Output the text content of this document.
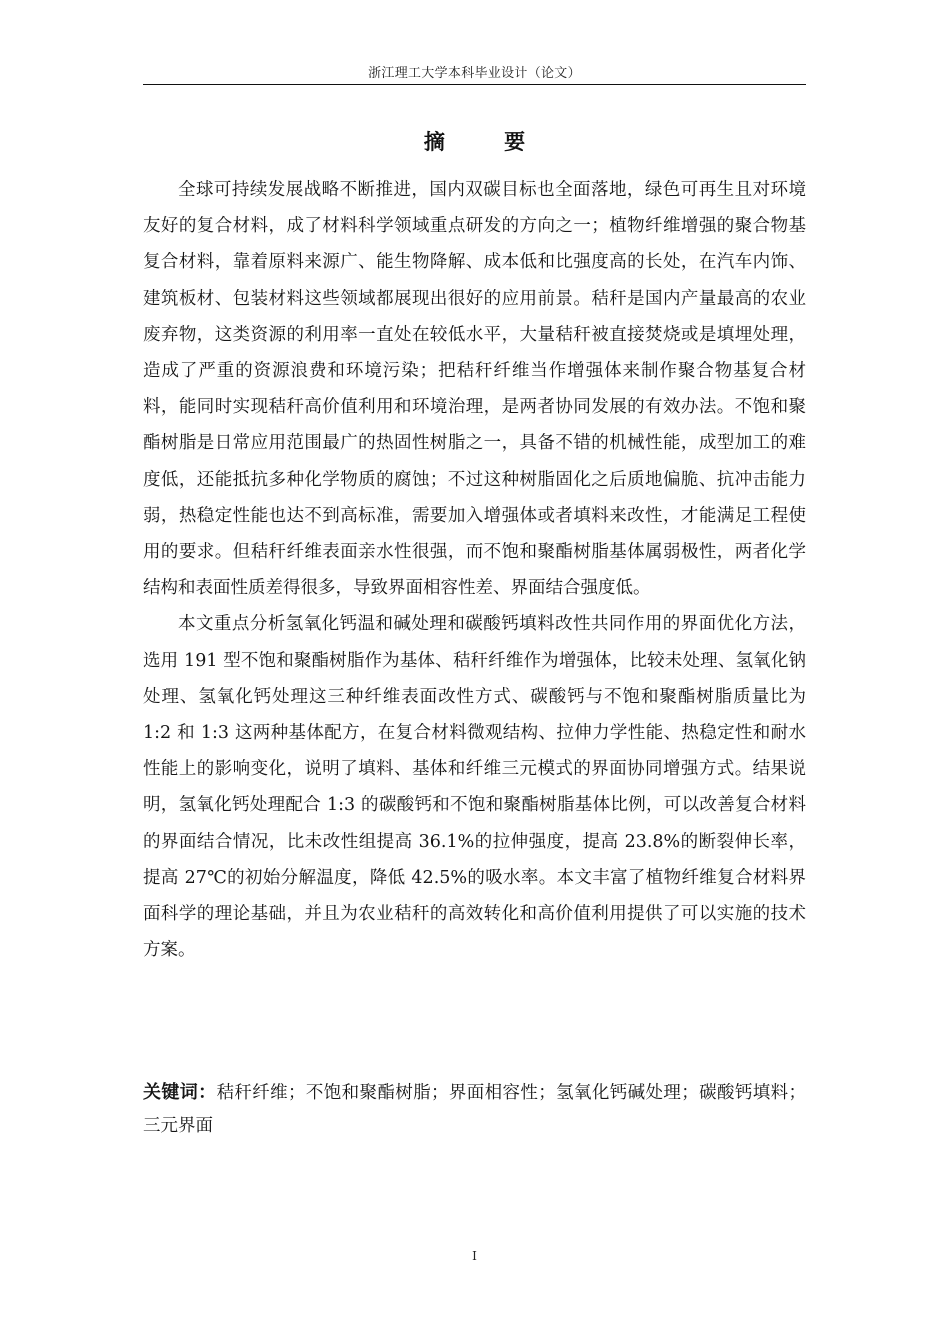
浙江理工大学本科毕业设计（论文）
摘 要

全球可持续发展战略不断推进，国内双碳目标也全面落地，绿色可再生且对环境友好的复合材料，成了材料科学领域重点研发的方向之一；植物纤维增强的聚合物基复合材料，靠着原料来源广、能生物降解、成本低和比强度高的长处，在汽车内饰、建筑板材、包装材料这些领域都展现出很好的应用前景。秸秆是国内产量最高的农业废弃物，这类资源的利用率一直处在较低水平，大量秸秆被直接焚烧或是填埋处理，造成了严重的资源浪费和环境污染；把秸秆纤维当作增强体来制作聚合物基复合材料，能同时实现秸秆高价值利用和环境治理，是两者协同发展的有效办法。不饱和聚酯树脂是日常应用范围最广的热固性树脂之一，具备不错的机械性能，成型加工的难度低，还能抵抗多种化学物质的腐蚀；不过这种树脂固化之后质地偏脆、抗冲击能力弱，热稳定性能也达不到高标准，需要加入增强体或者填料来改性，才能满足工程使用的要求。但秸秆纤维表面亲水性很强，而不饱和聚酯树脂基体属弱极性，两者化学结构和表面性质差得很多，导致界面相容性差、界面结合强度低。

本文重点分析氢氧化钙温和碱处理和碳酸钙填料改性共同作用的界面优化方法，选用 191 型不饱和聚酯树脂作为基体、秸秆纤维作为增强体，比较未处理、氢氧化钠处理、氢氧化钙处理这三种纤维表面改性方式、碳酸钙与不饱和聚酯树脂质量比为 1:2 和 1:3 这两种基体配方，在复合材料微观结构、拉伸力学性能、热稳定性和耐水性能上的影响变化，说明了填料、基体和纤维三元模式的界面协同增强方式。结果说明，氢氧化钙处理配合 1:3 的碳酸钙和不饱和聚酯树脂基体比例，可以改善复合材料的界面结合情况，比未改性组提高 36.1%的拉伸强度，提高 23.8%的断裂伸长率，提高 27℃的初始分解温度，降低 42.5%的吸水率。本文丰富了植物纤维复合材料界面科学的理论基础，并且为农业秸秆的高效转化和高价值利用提供了可以实施的技术方案。

关键词：秸秆纤维；不饱和聚酯树脂；界面相容性；氢氧化钙碱处理；碳酸钙填料；三元界面
I
